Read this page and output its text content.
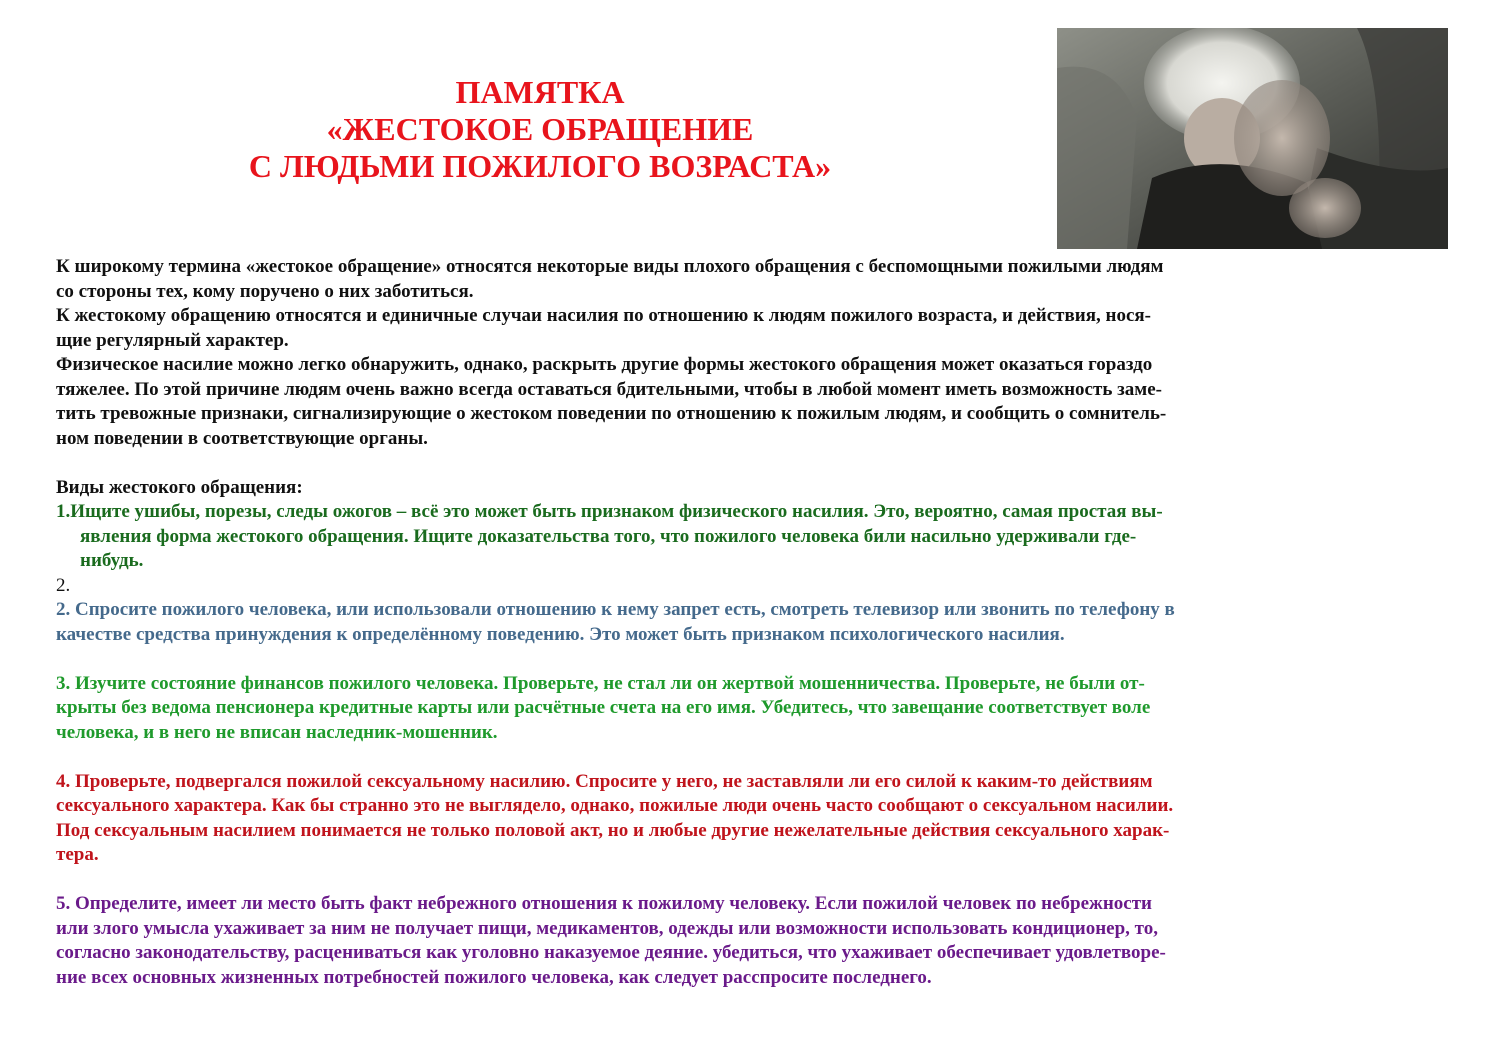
ПАМЯТКА
«ЖЕСТОКОЕ ОБРАЩЕНИЕ
С ЛЮДЬМИ ПОЖИЛОГО ВОЗРАСТА»
К широкому термина «жестокое обращение» относятся некоторые виды плохого обращения с беспомощными пожилыми людям
со стороны тех, кому поручено о них заботиться.
К жестокому обращению относятся и единичные случаи насилия по отношению к людям пожилого возраста, и действия, нося-
щие регулярный характер.
Физическое насилие можно легко обнаружить, однако, раскрыть другие формы жестокого обращения может оказаться гораздо
тяжелее. По этой причине людям очень важно всегда оставаться бдительными, чтобы в любой момент иметь возможность заме-
тить тревожные признаки, сигнализирующие о жестоком поведении по отношению к пожилым людям, и сообщить о сомнитель-
ном поведении в соответствующие органы.
Виды жестокого обращения:
1.Ищите ушибы, порезы, следы ожогов – всё это может быть признаком физического насилия. Это, вероятно, самая простая вы-
явления форма жестокого обращения. Ищите доказательства того, что пожилого человека били насильно удерживали где-
нибудь.
2.
2. Спросите пожилого человека, или использовали отношению к нему запрет есть, смотреть телевизор или звонить по телефону в
качестве средства принуждения к определённому поведению. Это может быть признаком психологического насилия.
3. Изучите состояние финансов пожилого человека. Проверьте, не стал ли он жертвой мошенничества. Проверьте, не были от-
крыты без ведома пенсионера кредитные карты или расчётные счета на его имя. Убедитесь, что завещание соответствует воле
человека, и в него не вписан наследник-мошенник.
4. Проверьте, подвергался пожилой сексуальному насилию. Спросите у него, не заставляли ли его силой к каким-то действиям
сексуального характера. Как бы странно это не выглядело, однако, пожилые люди очень часто сообщают о сексуальном насилии.
Под сексуальным насилием понимается не только половой акт, но и любые другие нежелательные действия сексуального харак-
тера.
5. Определите, имеет ли место быть факт небрежного отношения к пожилому человеку. Если пожилой человек по небрежности
или злого умысла ухаживает за ним не получает пищи, медикаментов, одежды или возможности использовать кондиционер, то,
согласно законодательству, расцениваться как уголовно наказуемое деяние. убедиться, что ухаживает обеспечивает удовлетворе-
ние всех основных жизненных потребностей пожилого человека, как следует расспросите последнего.
